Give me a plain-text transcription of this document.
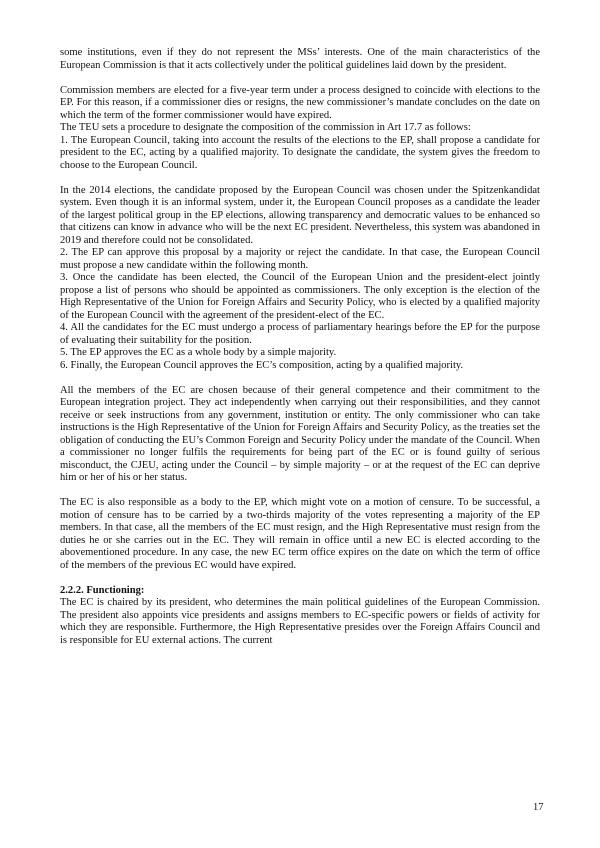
some institutions, even if they do not represent the MSs’ interests. One of the main characteristics of the European Commission is that it acts collectively under the political guidelines laid down by the president.

Commission members are elected for a five-year term under a process designed to coincide with elections to the EP. For this reason, if a commissioner dies or resigns, the new commissioner’s mandate concludes on the date on which the term of the former commissioner would have expired.

The TEU sets a procedure to designate the composition of the commission in Art 17.7 as follows:

1. The European Council, taking into account the results of the elections to the EP, shall propose a candidate for president to the EC, acting by a qualified majority. To designate the candidate, the system gives the freedom to choose to the European Council.

In the 2014 elections, the candidate proposed by the European Council was chosen under the Spitzenkandidat system. Even though it is an informal system, under it, the European Council proposes as a candidate the leader of the largest political group in the EP elections, allowing transparency and democratic values to be enhanced so that citizens can know in advance who will be the next EC president. Nevertheless, this system was abandoned in 2019 and therefore could not be consolidated.

2. The EP can approve this proposal by a majority or reject the candidate. In that case, the European Council must propose a new candidate within the following month.

3. Once the candidate has been elected, the Council of the European Union and the president-elect jointly propose a list of persons who should be appointed as commissioners. The only exception is the election of the High Representative of the Union for Foreign Affairs and Security Policy, who is elected by a qualified majority of the European Council with the agreement of the president-elect of the EC.

4. All the candidates for the EC must undergo a process of parliamentary hearings before the EP for the purpose of evaluating their suitability for the position.

5. The EP approves the EC as a whole body by a simple majority.

6. Finally, the European Council approves the EC’s composition, acting by a qualified majority.

All the members of the EC are chosen because of their general competence and their commitment to the European integration project. They act independently when carrying out their responsibilities, and they cannot receive or seek instructions from any government, institution or entity. The only commissioner who can take instructions is the High Representative of the Union for Foreign Affairs and Security Policy, as the treaties set the obligation of conducting the EU’s Common Foreign and Security Policy under the mandate of the Council. When a commissioner no longer fulfils the requirements for being part of the EC or is found guilty of serious misconduct, the CJEU, acting under the Council – by simple majority – or at the request of the EC can deprive him or her of his or her status.

The EC is also responsible as a body to the EP, which might vote on a motion of censure. To be successful, a motion of censure has to be carried by a two-thirds majority of the votes representing a majority of the EP members. In that case, all the members of the EC must resign, and the High Representative must resign from the duties he or she carries out in the EC. They will remain in office until a new EC is elected according to the abovementioned procedure. In any case, the new EC term office expires on the date on which the term of office of the members of the previous EC would have expired.

2.2.2. Functioning:

The EC is chaired by its president, who determines the main political guidelines of the European Commission. The president also appoints vice presidents and assigns members to EC-specific powers or fields of activity for which they are responsible. Furthermore, the High Representative presides over the Foreign Affairs Council and is responsible for EU external actions. The current

17
